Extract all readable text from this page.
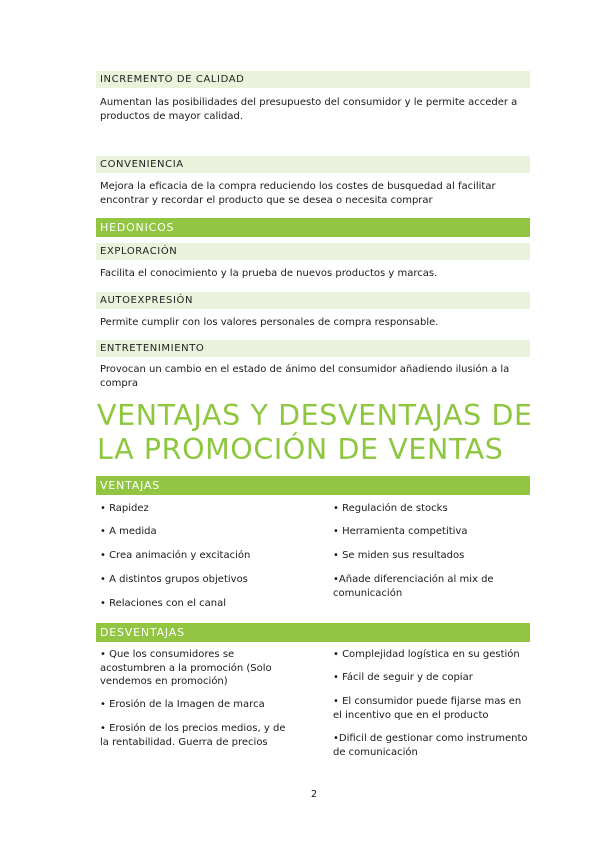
INCREMENTO DE CALIDAD
Aumentan las posibilidades del presupuesto del consumidor y le permite acceder a productos de mayor calidad.
CONVENIENCIA
Mejora la eficacia de la compra reduciendo los costes de busquedad al facilitar encontrar y recordar el producto que se desea o necesita comprar
HEDONICOS
EXPLORACIÓN
Facilita el conocimiento y la prueba de nuevos productos y marcas.
AUTOEXPRESIÓN
Permite cumplir con los valores personales de compra responsable.
ENTRETENIMIENTO
Provocan un cambio en el estado de ánimo del consumidor añadiendo ilusión a la compra
VENTAJAS Y DESVENTAJAS DE
LA PROMOCIÓN DE VENTAS
VENTAJAS
• Rapidez
• A medida
• Crea animación y excitación
• A distintos grupos objetivos
• Relaciones con el canal
• Regulación de stocks
• Herramienta competitiva
• Se miden sus resultados
•Añade diferenciación al mix de comunicación
DESVENTAJAS
• Que los consumidores se acostumbren a la promoción (Solo vendemos en promoción)
• Erosión de la Imagen de marca
• Erosión de los precios medios, y de la rentabilidad. Guerra de precios
• Complejidad logística en su gestión
• Fácil de seguir y de copiar
• El consumidor puede fijarse mas en el incentivo que en el producto
•Dificil de gestionar como instrumento de comunicación
2
